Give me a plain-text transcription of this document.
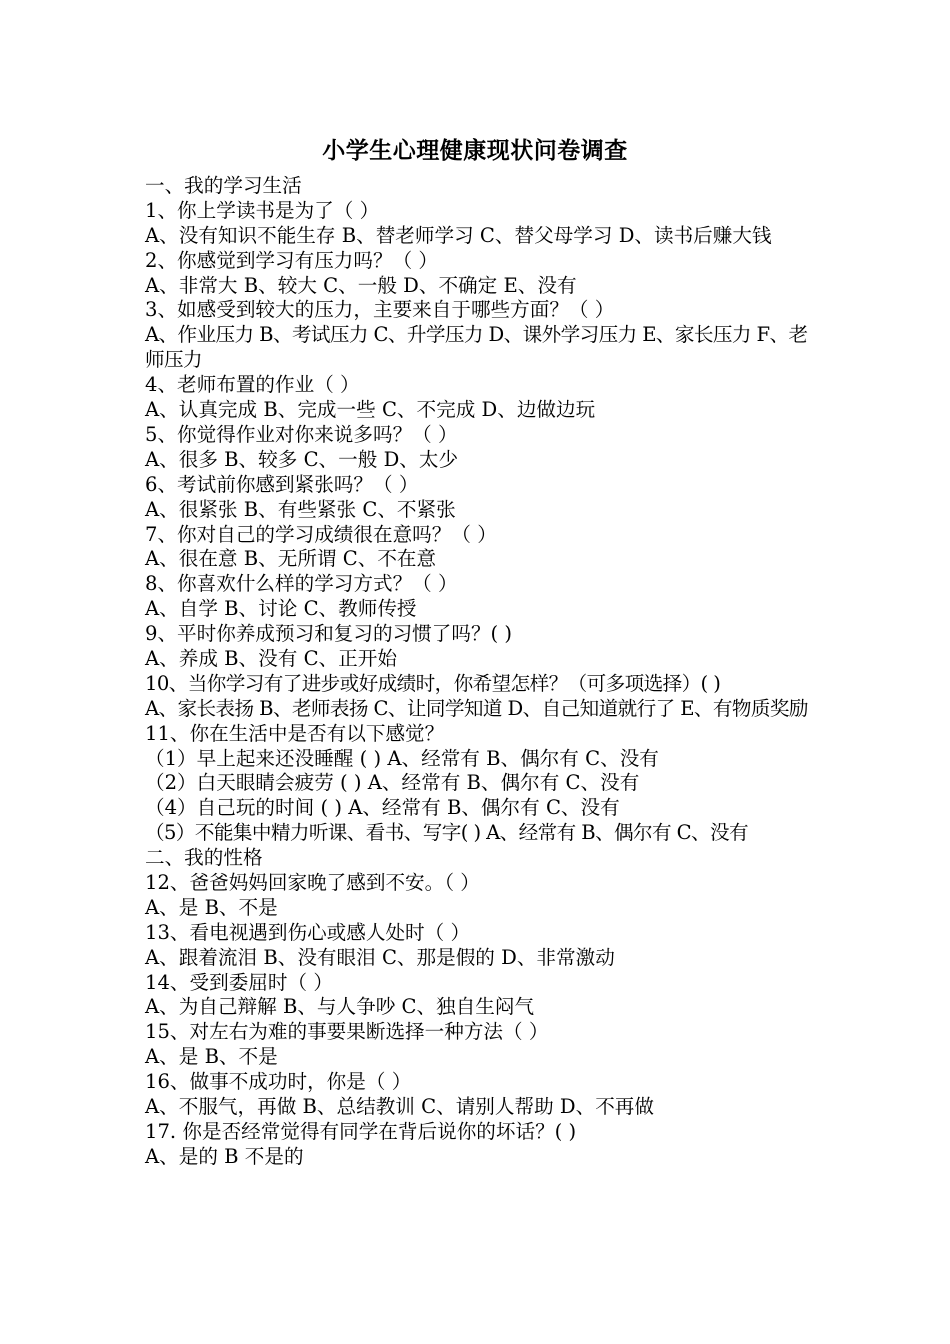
小学生心理健康现状问卷调查
一、我的学习生活
1、你上学读书是为了（ ）
A、没有知识不能生存 B、替老师学习 C、替父母学习 D、读书后赚大钱
2、你感觉到学习有压力吗？（ ）
A、非常大 B、较大 C、一般 D、不确定 E、没有
3、如感受到较大的压力，主要来自于哪些方面？（ ）
A、作业压力 B、考试压力 C、升学压力 D、课外学习压力 E、家长压力 F、老师压力
4、老师布置的作业（ ）
A、认真完成 B、完成一些 C、不完成 D、边做边玩
5、你觉得作业对你来说多吗？（ ）
A、很多 B、较多 C、一般 D、太少
6、考试前你感到紧张吗？（ ）
A、很紧张 B、有些紧张 C、不紧张
7、你对自己的学习成绩很在意吗？（ ）
A、很在意 B、无所谓 C、不在意
8、你喜欢什么样的学习方式？（ ）
A、自学 B、讨论 C、教师传授
9、平时你养成预习和复习的习惯了吗？( )
A、养成 B、没有 C、正开始
10、当你学习有了进步或好成绩时，你希望怎样？（可多项选择）( )
A、家长表扬 B、老师表扬 C、让同学知道 D、自己知道就行了 E、有物质奖励
11、你在生活中是否有以下感觉？
（1）早上起来还没睡醒 ( ) A、经常有 B、偶尔有 C、没有
（2）白天眼睛会疲劳 ( ) A、经常有 B、偶尔有 C、没有
（4）自己玩的时间 ( ) A、经常有 B、偶尔有 C、没有
（5）不能集中精力听课、看书、写字( ) A、经常有 B、偶尔有 C、没有
二、我的性格
12、爸爸妈妈回家晚了感到不安。（ ）
A、是 B、不是
13、看电视遇到伤心或感人处时（ ）
A、跟着流泪 B、没有眼泪 C、那是假的 D、非常激动
14、受到委屈时（ ）
A、为自己辩解 B、与人争吵 C、独自生闷气
15、对左右为难的事要果断选择一种方法（ ）
A、是 B、不是
16、做事不成功时，你是（ ）
A、不服气，再做 B、总结教训 C、请别人帮助 D、不再做
17. 你是否经常觉得有同学在背后说你的坏话？( )
A、是的 B 不是的
